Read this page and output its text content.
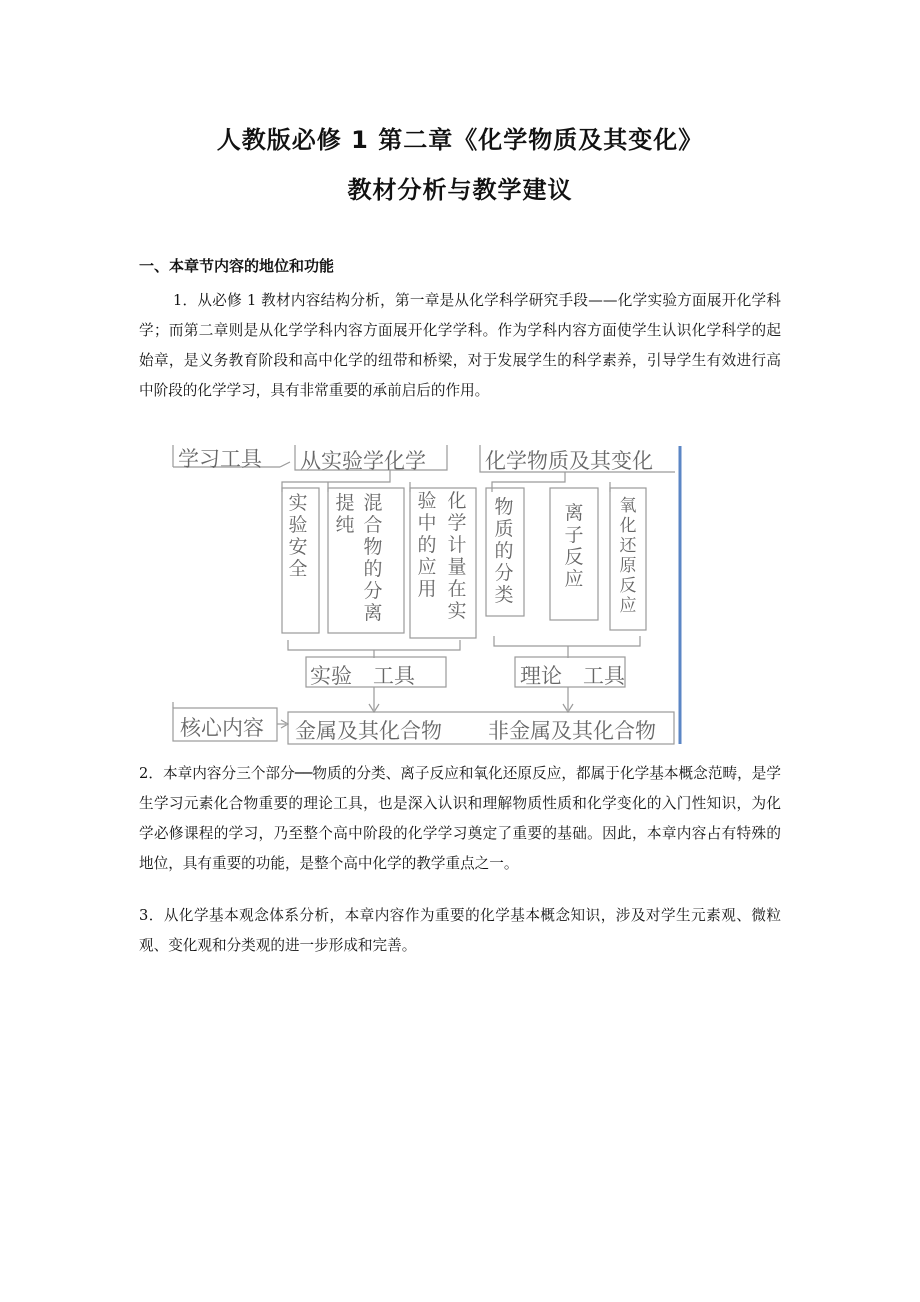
人教版必修 1 第二章《化学物质及其变化》
教材分析与教学建议
一、本章节内容的地位和功能

1．从必修 1 教材内容结构分析，第一章是从化学科学研究手段——化学实验方面展开化学科学；而第二章则是从化学学科内容方面展开化学学科。作为学科内容方面使学生认识化学科学的起始章，是义务教育阶段和高中化学的纽带和桥梁，对于发展学生的科学素养，引导学生有效进行高中阶段的化学学习，具有非常重要的承前启后的作用。

学习工具 从实验学化学	化学物质及其变化
实验安全
提纯
混合物的分离
验中的应用
化学计量在实
物质的分类
离子反应
氧化还原反应
实验　工具	理论　工具
核心内容 金属及其化合物 非金属及其化合物

2．本章内容分三个部分──物质的分类、离子反应和氧化还原反应，都属于化学基本概念范畴，是学生学习元素化合物重要的理论工具，也是深入认识和理解物质性质和化学变化的入门性知识，为化学必修课程的学习，乃至整个高中阶段的化学学习奠定了重要的基础。因此，本章内容占有特殊的地位，具有重要的功能，是整个高中化学的教学重点之一。

3．从化学基本观念体系分析，本章内容作为重要的化学基本概念知识，涉及对学生元素观、微粒观、变化观和分类观的进一步形成和完善。
